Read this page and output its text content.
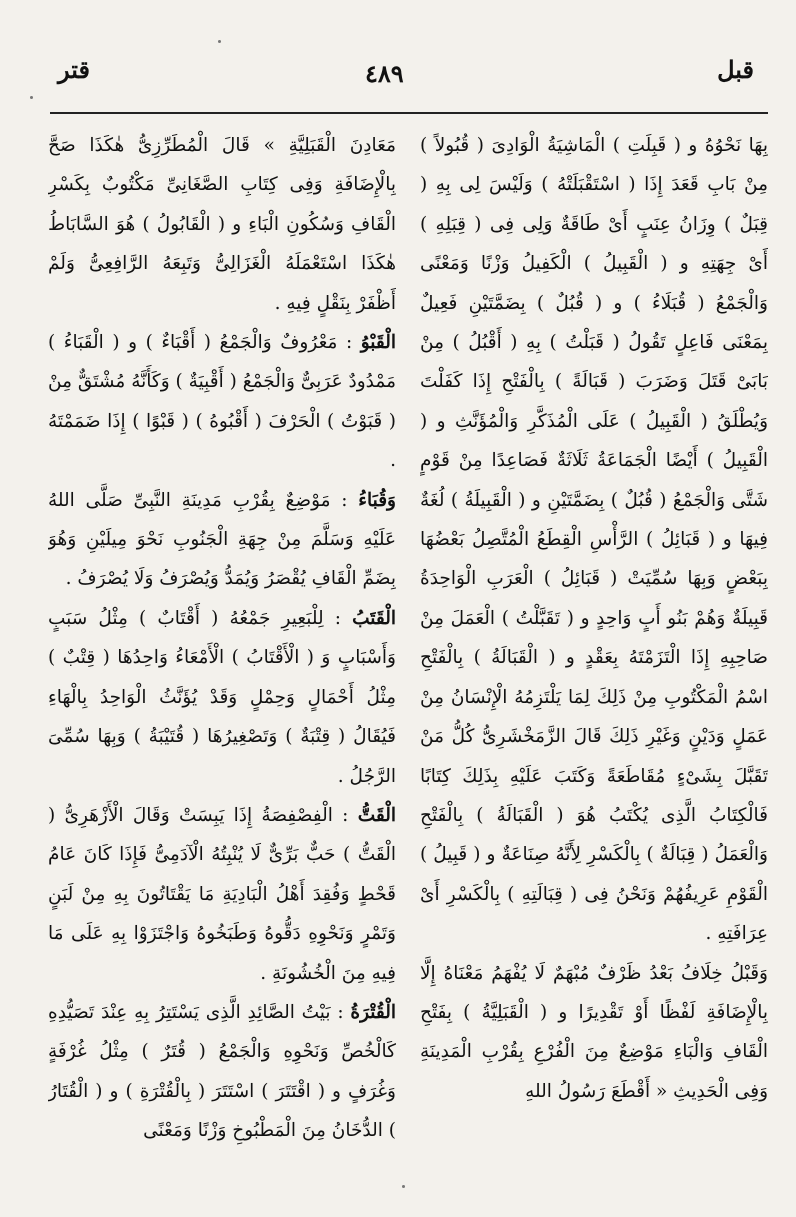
قبل
٤٨٩
قتر

بِهَا نَحْوُهُ و ( قَبِلَتِ ) الْمَاشِيَةُ الْوَادِىَ ( قُبُولاً ) مِنْ بَابِ قَعَدَ إِذَا ( اسْتَقْبَلَتْهُ ) وَلَيْسَ لِى بِهِ ( قِبَلٌ ) وِزَانُ عِنَبٍ أَىْ طَاقَةٌ وَلِى فِى ( قِبَلِهِ ) أَىْ جِهَتِهِ و ( الْقَبِيلُ ) الْكَفِيلُ وَزْنًا وَمَعْنًى وَالْجَمْعُ ( قُبَلَاءُ ) و ( قُبُلٌ ) بِضَمَّتَيْنِ فَعِيلٌ بِمَعْنَى فَاعِلٍ تَقُولُ ( قَبَلْتُ ) بِهِ ( أَقْبُلُ ) مِنْ بَابَىْ قَتَلَ وَضَرَبَ ( قَبَالَةً ) بِالْفَتْحِ إِذَا كَفَلْتَ وَيُطْلَقُ ( الْقَبِيلُ ) عَلَى الْمُذَكَّرِ وَالْمُؤَنَّثِ و ( الْقَبِيلُ ) أَيْضًا الْجَمَاعَةُ ثَلَاثَةٌ فَصَاعِدًا مِنْ قَوْمٍ شَتَّى وَالْجَمْعُ ( قُبُلٌ ) بِضَمَّتَيْنِ و ( الْقَبِيلَةُ ) لُغَةٌ فِيهَا و ( قَبَائِلُ ) الرَّأْسِ الْقِطَعُ الْمُتَّصِلُ بَعْضُهَا بِبَعْضٍ وَبِهَا سُمِّيَتْ ( قَبَائِلُ ) الْعَرَبِ الْوَاحِدَةُ قَبِيلَةٌ وَهُمْ بَنُو أَبٍ وَاحِدٍ و ( تَقَبَّلْتُ ) الْعَمَلَ مِنْ صَاحِبِهِ إِذَا الْتَزَمْتَهُ بِعَقْدٍ و ( الْقَبَالَةُ ) بِالْفَتْحِ اسْمُ الْمَكْتُوبِ مِنْ ذَلِكَ لِمَا يَلْتَزِمُهُ الْإِنْسَانُ مِنْ عَمَلٍ وَدَيْنٍ وَغَيْرِ ذَلِكَ قَالَ الزَّمَخْشَرِىُّ كُلُّ مَنْ تَقَبَّلَ بِشَىْءٍ مُقَاطَعَةً وَكَتَبَ عَلَيْهِ بِذَلِكَ كِتَابًا فَالْكِتَابُ الَّذِى يُكْتَبُ هُوَ ( الْقَبَالَةُ ) بِالْفَتْحِ وَالْعَمَلُ ( قِبَالَةٌ ) بِالْكَسْرِ لِأَنَّهُ صِنَاعَةٌ و ( قَبِيلُ ) الْقَوْمِ عَرِيفُهُمْ وَنَحْنُ فِى ( قِبَالَتِهِ ) بِالْكَسْرِ أَىْ عِرَافَتِهِ .

وَقَبْلُ خِلَافُ بَعْدُ ظَرْفٌ مُبْهَمٌ لَا يُفْهَمُ مَعْنَاهُ إِلَّا بِالْإِضَافَةِ لَفْظًا أَوْ تَقْدِيرًا و ( الْقَبَلِيَّةُ ) بِفَتْحِ الْقَافِ وَالْبَاءِ مَوْضِعٌ مِنَ الْفُرْعِ بِقُرْبِ الْمَدِينَةِ وَفِى الْحَدِيثِ « أَقْطَعَ رَسُولُ اللهِ

مَعَادِنَ الْقَبَلِيَّةِ » قَالَ الْمُطَرِّزِىُّ هٰكَذَا صَحَّ بِالْإِضَافَةِ وَفِى كِتَابِ الصَّغَانِىِّ مَكْتُوبٌ بِكَسْرِ الْقَافِ وَسُكُونِ الْبَاءِ و ( الْقَابُولُ ) هُوَ السَّابَاطُ هٰكَذَا اسْتَعْمَلَهُ الْغَزَالِىُّ وَتَبِعَهُ الرَّافِعِىُّ وَلَمْ أَظْفَرْ بِنَقْلٍ فِيهِ .

الْقَبْوُ : مَعْرُوفٌ وَالْجَمْعُ ( أَقْبَاءٌ ) و ( الْقَبَاءُ ) مَمْدُودٌ عَرَبِىٌّ وَالْجَمْعُ ( أَقْبِيَةٌ ) وَكَأَنَّهُ مُشْتَقٌّ مِنْ ( قَبَوْتُ ) الْحَرْفَ ( أَقْبُوهُ ) ( قَبْوًا ) إِذَا ضَمَمْتَهُ .

وَقُبَاءُ : مَوْضِعٌ بِقُرْبِ مَدِينَةِ النَّبِىِّ صَلَّى اللهُ عَلَيْهِ وَسَلَّمَ مِنْ جِهَةِ الْجَنُوبِ نَحْوَ مِيلَيْنِ وَهُوَ بِضَمِّ الْقَافِ يُقْصَرُ وَيُمَدُّ وَيُصْرَفُ وَلَا يُصْرَفُ .

الْقَتَبُ : لِلْبَعِيرِ جَمْعُهُ ( أَقْتَابٌ ) مِثْلُ سَبَبٍ وَأَسْبَابٍ وَ ( الْأَقْتَابُ ) الْأَمْعَاءُ وَاحِدُهَا ( قِتْبٌ ) مِثْلُ أَحْمَالٍ وَحِمْلٍ وَقَدْ يُؤَنَّثُ الْوَاحِدُ بِالْهَاءِ فَيُقَالُ ( قِتْبَةٌ ) وَتَصْغِيرُهَا ( قُتَيْبَةُ ) وَبِهَا سُمِّىَ الرَّجُلُ .

الْقَتُّ : الْفِصْفِصَةُ إِذَا يَبِسَتْ وَقَالَ الْأَزْهَرِىُّ ( الْقَتُّ ) حَبٌّ بَرِّىٌّ لَا يُنْبِتُهُ الْآدَمِىُّ فَإِذَا كَانَ عَامُ قَحْطٍ وَفُقِدَ أَهْلُ الْبَادِيَةِ مَا يَقْتَاتُونَ بِهِ مِنْ لَبَنٍ وَتَمْرٍ وَنَحْوِهِ دَقُّوهُ وَطَبَخُوهُ وَاجْتَزَوْا بِهِ عَلَى مَا فِيهِ مِنَ الْخُشُونَةِ .

الْقُتْرَةُ : بَيْتُ الصَّائِدِ الَّذِى يَسْتَتِرُ بِهِ عِنْدَ تَصَيُّدِهِ كَالْخُصِّ وَنَحْوِهِ وَالْجَمْعُ ( قُتَرٌ ) مِثْلُ غُرْفَةٍ وَغُرَفٍ و ( اقْتَتَرَ ) اسْتَتَرَ ( بِالْقُتْرَةِ ) و ( الْقُتَارُ ) الدُّخَانُ مِنَ الْمَطْبُوخِ وَزْنًا وَمَعْنًى
